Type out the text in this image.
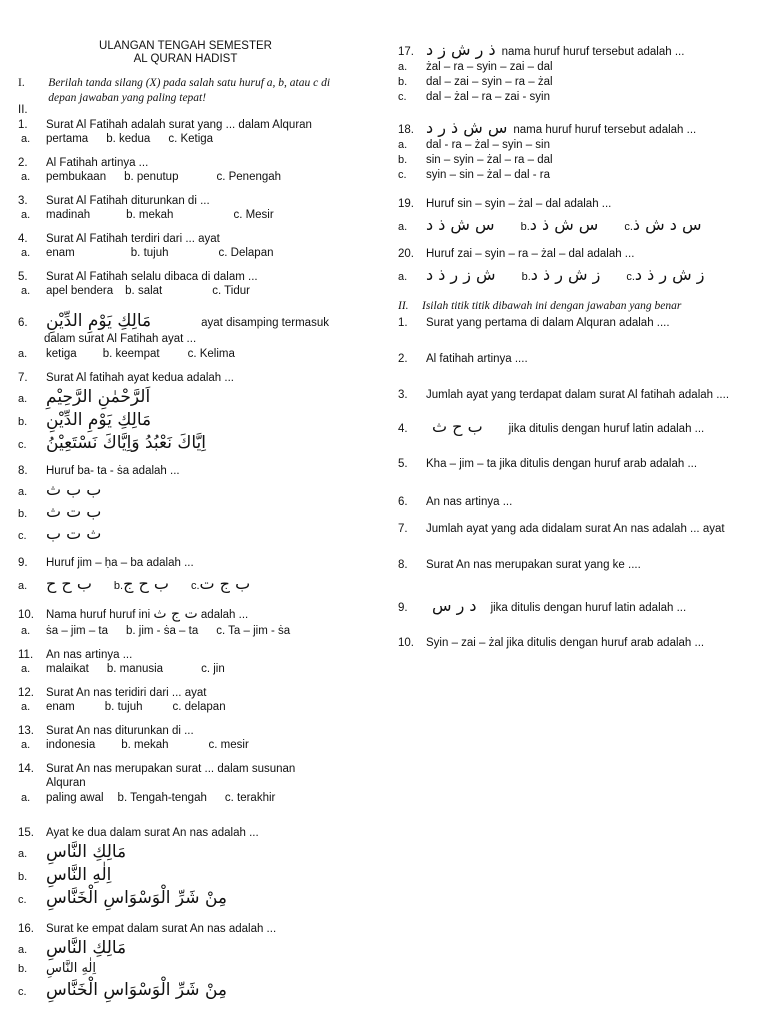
ULANGAN TENGAH SEMESTER
AL QURAN HADIST
I.	Berilah tanda silang (X) pada salah satu huruf a, b, atau c di depan jawaban yang paling tepat!
II.
1.	Surat Al Fatihah adalah surat yang ... dalam Alquran
a.	pertama b. kedua c. Ketiga
2.	Al Fatihah artinya ...
a.	pembukaan b. penutup	c. Penengah
3.	Surat Al Fatihah diturunkan di ...
a.	madinah	b. mekah	c. Mesir
4.	Surat Al Fatihah terdiri dari ... ayat
a.	enam	b. tujuh	c. Delapan
5.	Surat Al Fatihah selalu dibaca di dalam ...
a.	apel bendera b. salat	c. Tidur
6.	مَالِكِ يَوْمِ الدِّيْنِ	ayat disamping termasuk
dalam surat Al Fatihah ayat ...
a.	ketiga b. keempat c. Kelima
7.	Surat Al fatihah ayat kedua adalah ...
a.	اَلرَّحْمٰنِ الرَّحِيْمِ
b.	مَالِكِ يَوْمِ الدِّيْنِ
c.	اِيَّاكَ نَعْبُدُ وَاِيَّاكَ نَسْتَعِيْنُ
8.	Huruf ba- ta - ṡa adalah ...
a.	ب ب ث
b.	ب ت ث
c.	ث ت ب
9.	Huruf jim – ḥa – ba adalah ...
a.	ب ح ح b. ب ح ج c. ب ج ت
10.	Nama huruf huruf ini
ت ج ث
adalah ...
a.	ṡa – jim – ta b. jim - ṡa – ta c. Ta – jim - ṡa
11.	An nas artinya ...
a.	malaikat b. manusia	c. jin
12.	Surat An nas teridiri dari ... ayat
a.	enam	b. tujuh	c. delapan
13.	Surat An nas diturunkan di ...
a.	indonesia b. mekah	c. mesir
14.	Surat An nas merupakan surat ... dalam susunan
Alquran
a.	paling awal b. Tengah-tengah c. terakhir
15.	Ayat ke dua dalam surat An nas adalah ...
a.	مَالِكِ النَّاسِ
b.	اِلٰهِ النَّاسِ
c.	مِنْ شَرِّ الْوَسْوَاسِ الْخَنَّاسِ
16.	Surat ke empat dalam surat An nas adalah ...
a.	مَالِكِ النَّاسِ
b.	اِلٰهِ النَّاسِ
c.	مِنْ شَرِّ الْوَسْوَاسِ الْخَنَّاسِ
17. ذ ر ش ز د nama huruf huruf tersebut adalah ...
a.	żal – ra – syin – zai – dal
b.	dal – zai – syin – ra – żal
c.	dal – żal – ra – zai - syin
18. س ش ذ ر د nama huruf huruf tersebut adalah ...
a.	dal - ra – żal – syin – sin
b.	sin – syin – żal – ra – dal
c.	syin – sin – żal – dal - ra
19.	Huruf sin – syin – żal – dal adalah ...
a.	س ش ذ د b. س ش ذ د c. س د ش ذ
20.	Huruf zai – syin – ra – żal – dal adalah ...
a.	ش ز ر ذ د b. ز ش ر ذ د c. ز ش ر ذ د
II.	Isilah titik titik dibawah ini dengan jawaban yang benar
1.	Surat yang pertama di dalam Alquran adalah ....
2.	Al fatihah artinya ....
3.	Jumlah ayat yang terdapat dalam surat Al fatihah adalah ....
4.	ب ح ث jika ditulis dengan huruf latin adalah ...
5.	Kha – jim – ta jika ditulis dengan huruf arab adalah ...
6.	An nas artinya ...
7.	Jumlah ayat yang ada didalam surat An nas adalah ... ayat
8.	Surat An nas merupakan surat yang ke ....
9.	د ر س jika ditulis dengan huruf latin adalah ...
10.	Syin – zai – żal jika ditulis dengan huruf arab adalah ...
